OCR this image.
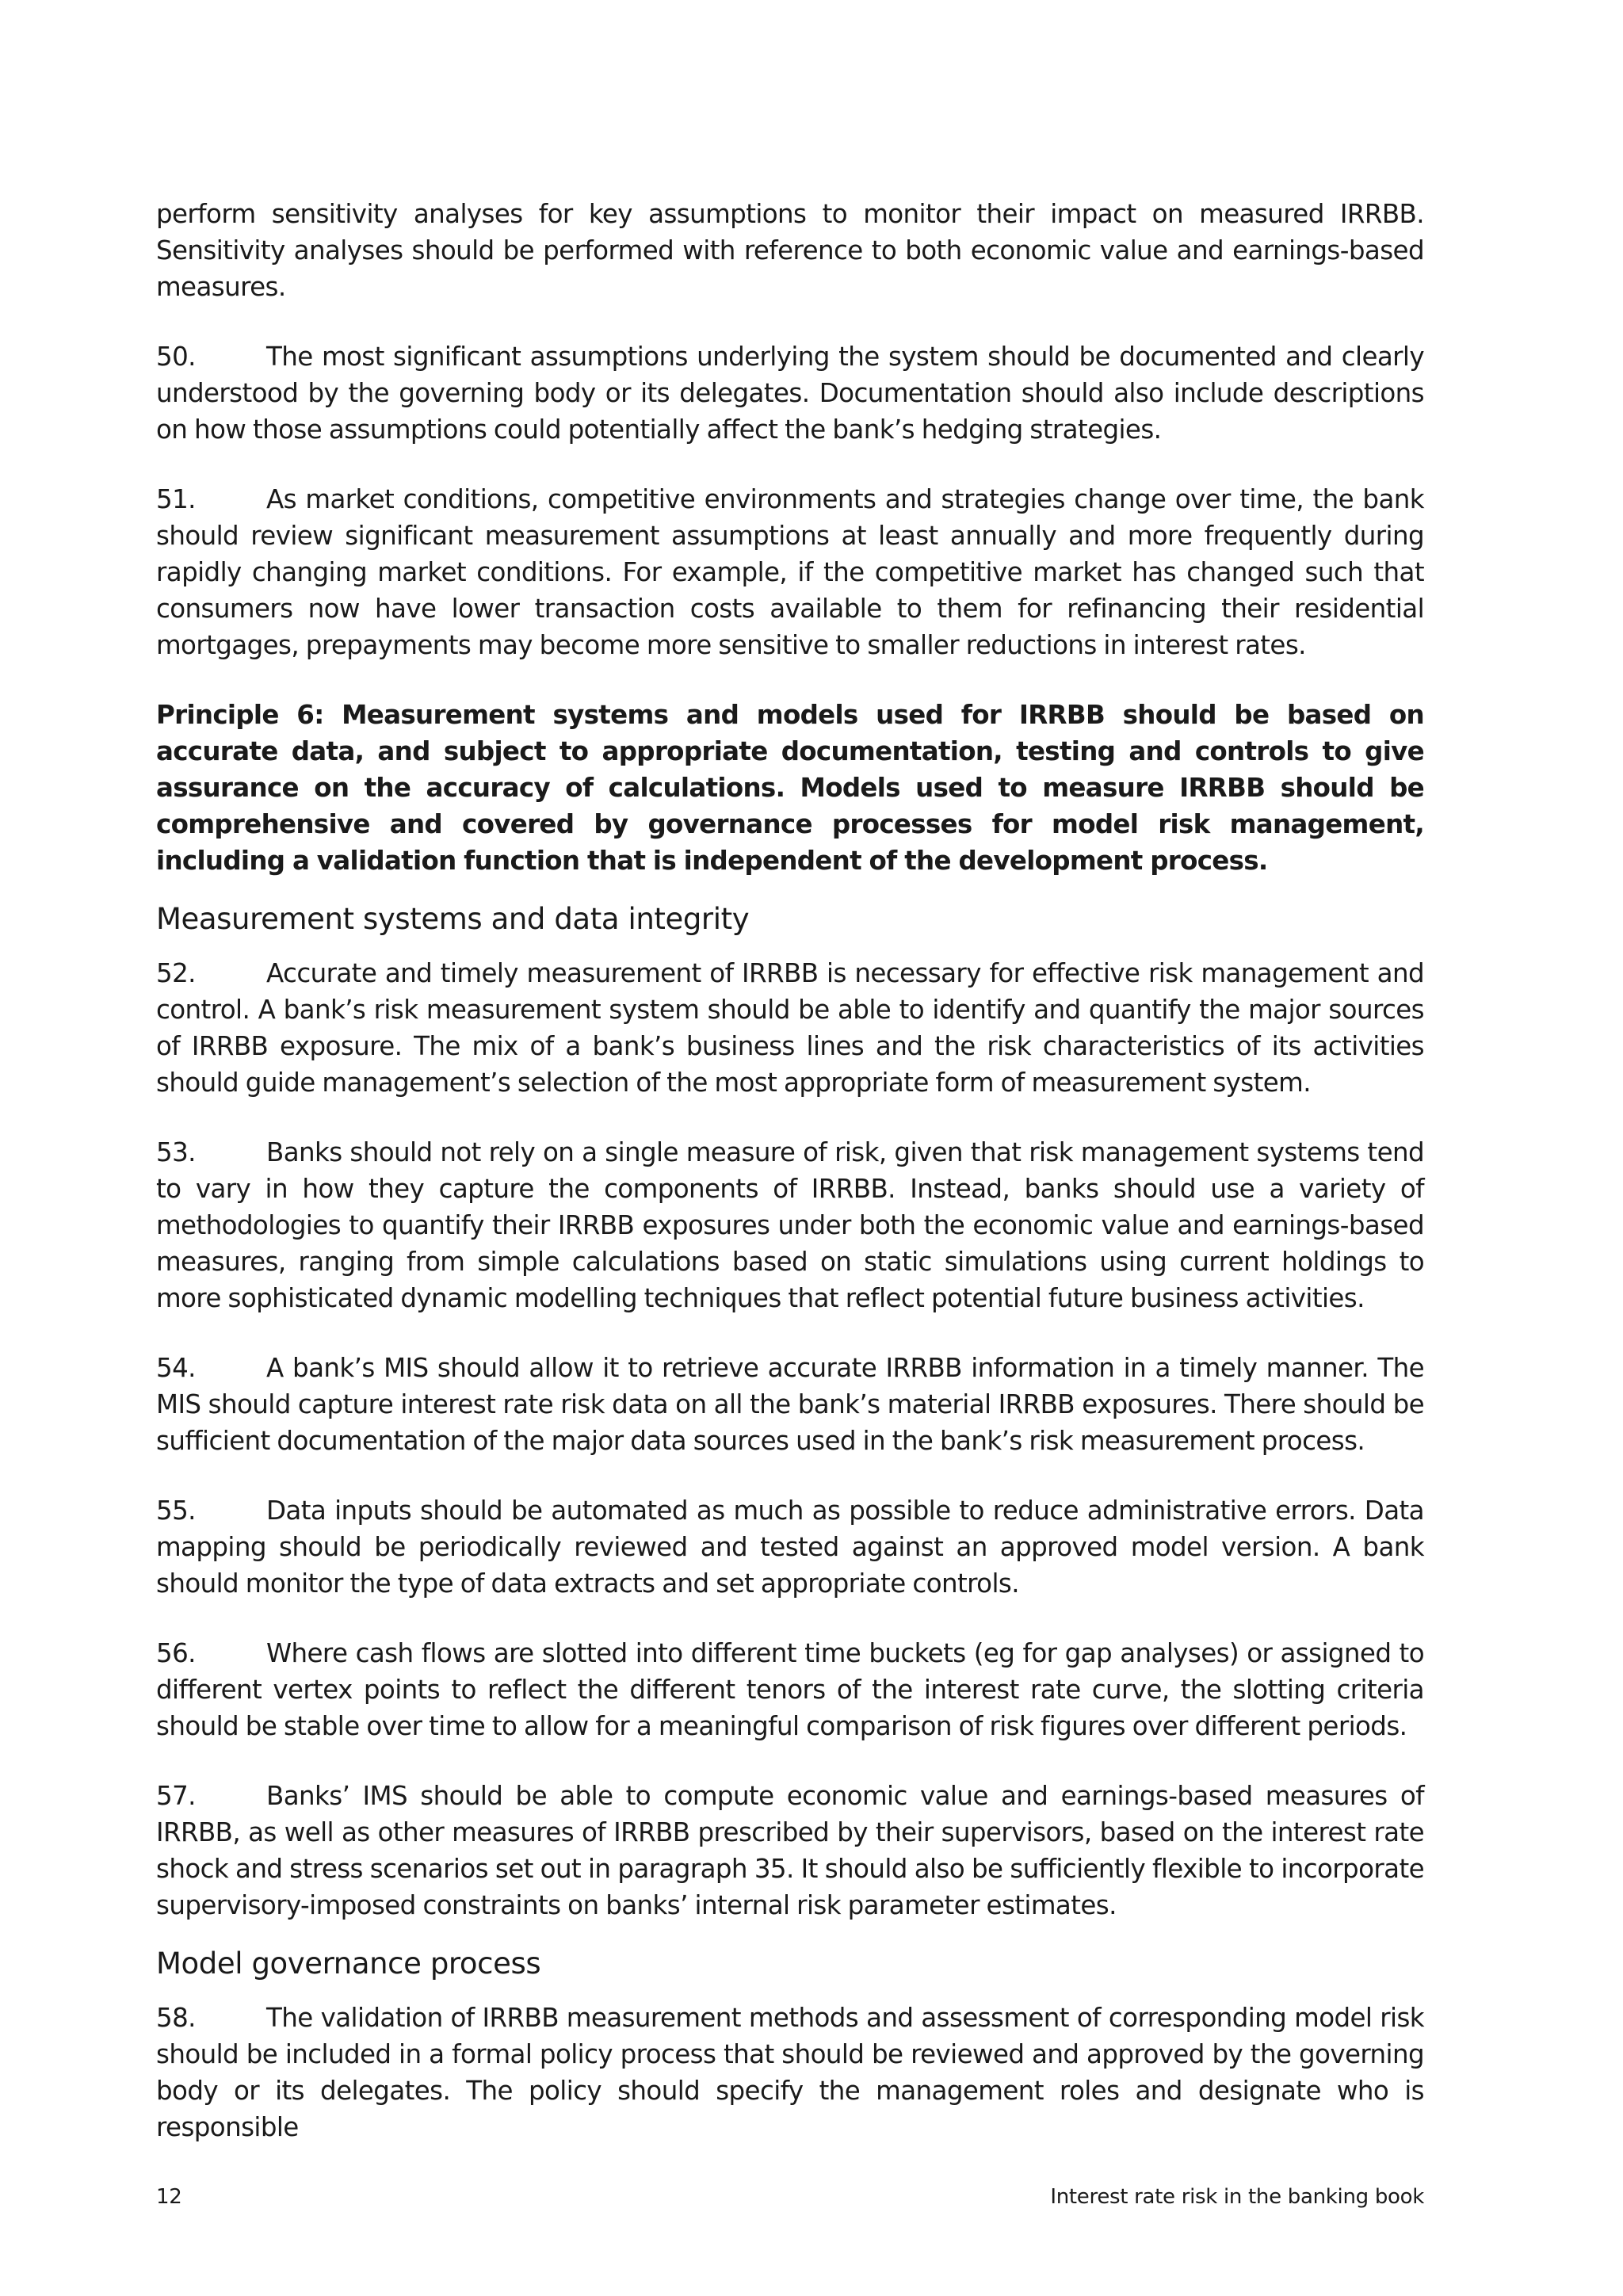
perform sensitivity analyses for key assumptions to monitor their impact on measured IRRBB. Sensitivity analyses should be performed with reference to both economic value and earnings-based measures.

50.	The most significant assumptions underlying the system should be documented and clearly understood by the governing body or its delegates. Documentation should also include descriptions on how those assumptions could potentially affect the bank’s hedging strategies.

51.	As market conditions, competitive environments and strategies change over time, the bank should review significant measurement assumptions at least annually and more frequently during rapidly changing market conditions. For example, if the competitive market has changed such that consumers now have lower transaction costs available to them for refinancing their residential mortgages, prepayments may become more sensitive to smaller reductions in interest rates.

Principle 6: Measurement systems and models used for IRRBB should be based on accurate data, and subject to appropriate documentation, testing and controls to give assurance on the accuracy of calculations. Models used to measure IRRBB should be comprehensive and covered by governance processes for model risk management, including a validation function that is independent of the development process.

Measurement systems and data integrity

52.	Accurate and timely measurement of IRRBB is necessary for effective risk management and control. A bank’s risk measurement system should be able to identify and quantify the major sources of IRRBB exposure. The mix of a bank’s business lines and the risk characteristics of its activities should guide management’s selection of the most appropriate form of measurement system.

53.	Banks should not rely on a single measure of risk, given that risk management systems tend to vary in how they capture the components of IRRBB. Instead, banks should use a variety of methodologies to quantify their IRRBB exposures under both the economic value and earnings-based measures, ranging from simple calculations based on static simulations using current holdings to more sophisticated dynamic modelling techniques that reflect potential future business activities.

54.	A bank’s MIS should allow it to retrieve accurate IRRBB information in a timely manner. The MIS should capture interest rate risk data on all the bank’s material IRRBB exposures. There should be sufficient documentation of the major data sources used in the bank’s risk measurement process.

55.	Data inputs should be automated as much as possible to reduce administrative errors. Data mapping should be periodically reviewed and tested against an approved model version. A bank should monitor the type of data extracts and set appropriate controls.

56.	Where cash flows are slotted into different time buckets (eg for gap analyses) or assigned to different vertex points to reflect the different tenors of the interest rate curve, the slotting criteria should be stable over time to allow for a meaningful comparison of risk figures over different periods.

57.	Banks’ IMS should be able to compute economic value and earnings-based measures of IRRBB, as well as other measures of IRRBB prescribed by their supervisors, based on the interest rate shock and stress scenarios set out in paragraph 35. It should also be sufficiently flexible to incorporate supervisory-imposed constraints on banks’ internal risk parameter estimates.

Model governance process

58.	The validation of IRRBB measurement methods and assessment of corresponding model risk should be included in a formal policy process that should be reviewed and approved by the governing body or its delegates. The policy should specify the management roles and designate who is responsible

12	Interest rate risk in the banking book
